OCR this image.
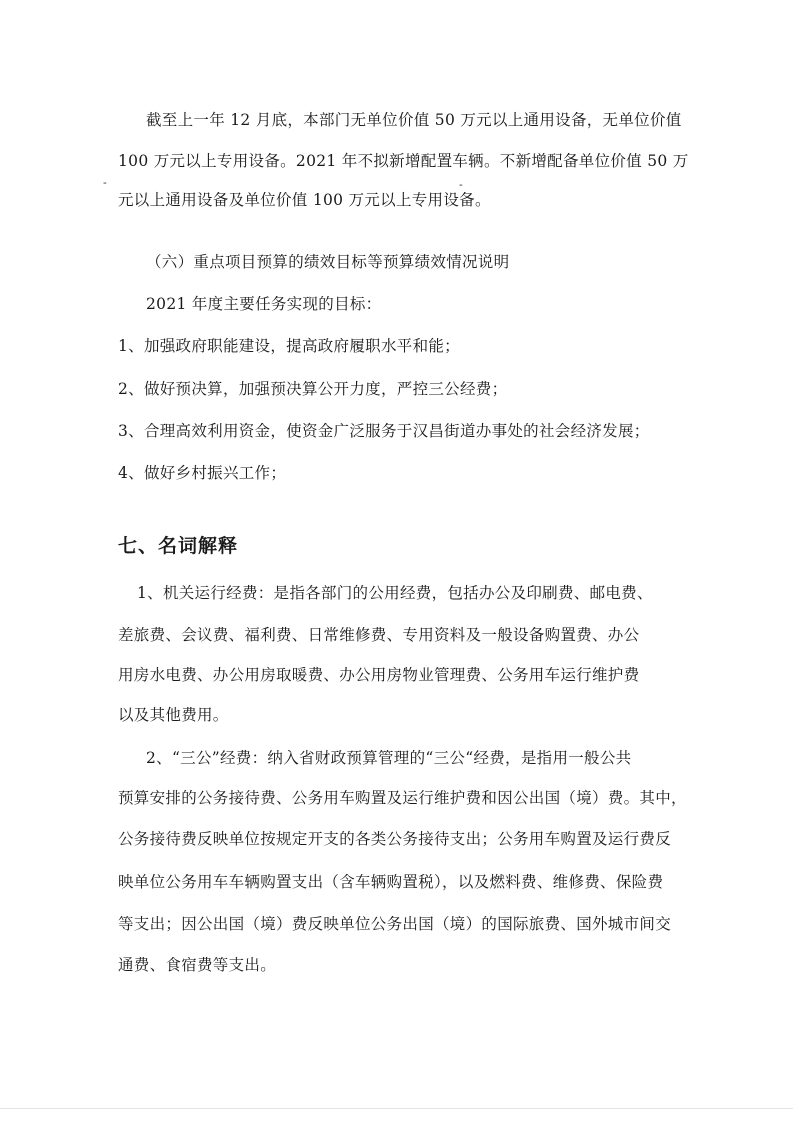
截至上一年 12 月底，本部门无单位价值 50 万元以上通用设备，无单位价值
100 万元以上专用设备。2021 年不拟新增配置车辆。不新增配备单位价值 50 万
-	-
元以上通用设备及单位价值 100 万元以上专用设备。
（六）重点项目预算的绩效目标等预算绩效情况说明
2021 年度主要任务实现的目标：
1、加强政府职能建设，提高政府履职水平和能；
2、做好预决算，加强预决算公开力度，严控三公经费；
3、合理高效利用资金，使资金广泛服务于汉昌街道办事处的社会经济发展；
4、做好乡村振兴工作；
七、名词解释
1、机关运行经费：是指各部门的公用经费，包括办公及印刷费、邮电费、
差旅费、会议费、福利费、日常维修费、专用资料及一般设备购置费、办公
用房水电费、办公用房取暖费、办公用房物业管理费、公务用车运行维护费
以及其他费用。
2、“三公”经费：纳入省财政预算管理的“三公“经费，是指用一般公共
预算安排的公务接待费、公务用车购置及运行维护费和因公出国（境）费。其中，
公务接待费反映单位按规定开支的各类公务接待支出；公务用车购置及运行费反
映单位公务用车车辆购置支出（含车辆购置税），以及燃料费、维修费、保险费
等支出；因公出国（境）费反映单位公务出国（境）的国际旅费、国外城市间交
通费、食宿费等支出。
